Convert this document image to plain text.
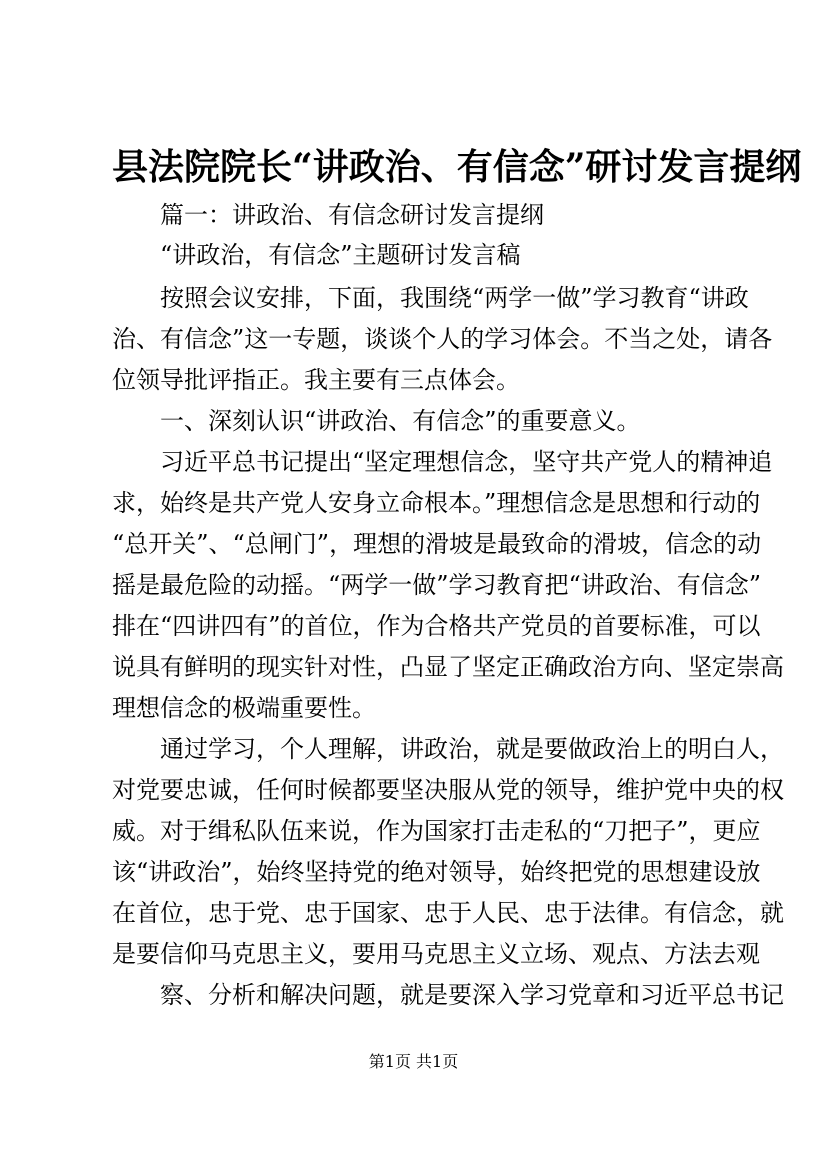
县法院院长“讲政治、有信念”研讨发言提纲
　　篇一：讲政治、有信念研讨发言提纲
　　“讲政治，有信念”主题研讨发言稿
　　按照会议安排，下面，我围绕“两学一做”学习教育“讲政
治、有信念”这一专题，谈谈个人的学习体会。不当之处，请各
位领导批评指正。我主要有三点体会。
　　一、深刻认识“讲政治、有信念”的重要意义。
　　习近平总书记提出“坚定理想信念，坚守共产党人的精神追
求，始终是共产党人安身立命根本。”理想信念是思想和行动的
“总开关”、“总闸门”，理想的滑坡是最致命的滑坡，信念的动
摇是最危险的动摇。“两学一做”学习教育把“讲政治、有信念”
排在“四讲四有”的首位，作为合格共产党员的首要标准，可以
说具有鲜明的现实针对性，凸显了坚定正确政治方向、坚定崇高
理想信念的极端重要性。
　　通过学习，个人理解，讲政治，就是要做政治上的明白人，
对党要忠诚，任何时候都要坚决服从党的领导，维护党中央的权
威。对于缉私队伍来说，作为国家打击走私的“刀把子”，更应
该“讲政治”，始终坚持党的绝对领导，始终把党的思想建设放
在首位，忠于党、忠于国家、忠于人民、忠于法律。有信念，就
是要信仰马克思主义，要用马克思主义立场、观点、方法去观
　　察、分析和解决问题，就是要深入学习党章和习近平总书记
第1页 共1页
